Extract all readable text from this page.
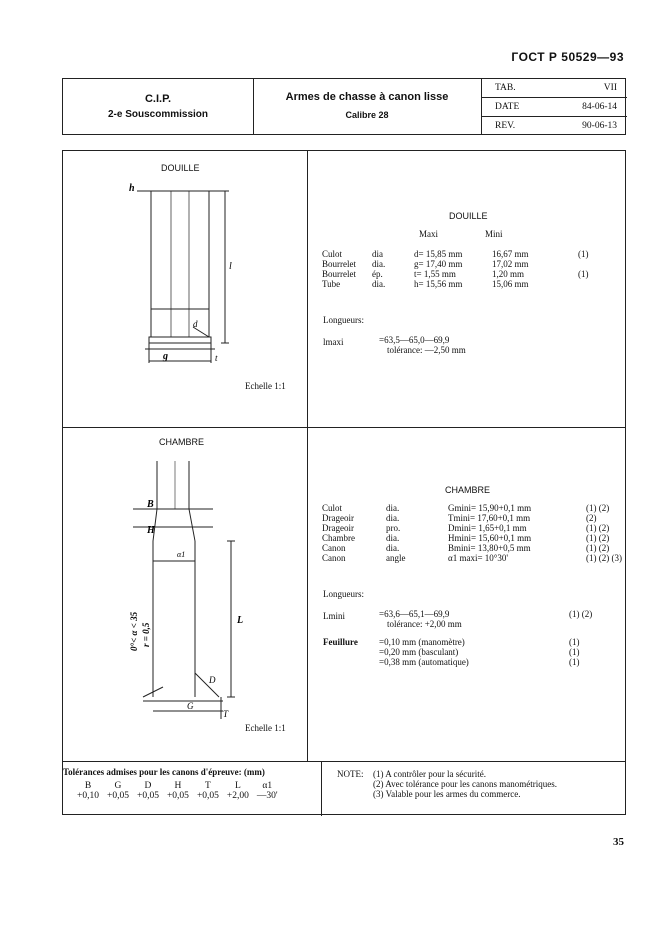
ГОСТ Р 50529—93
C.I.P.
2-e Souscommission
Armes de chasse à canon lisse
Calibre 28
TAB.	VII
DATE	84-06-14
REV.	90-06-13
DOUILLE
h
l
d
g	t
Echelle 1:1
DOUILLE
Maxi	Mini
Culot	dia	d= 15,85 mm	16,67 mm	(1)
Bourrelet	dia.	g= 17,40 mm	17,02 mm	
Bourrelet	ép.	t= 1,55 mm	1,20 mm	(1)
Tube	dia.	h= 15,56 mm	15,06 mm	
Longueurs:
lmaxi	=63,5—65,0—69,9
tolérance: —2,50 mm
CHAMBRE
B
H
α1
L
D
G
T
0°< α < 35 r = 0,5
Echelle 1:1
CHAMBRE
Culot	dia.	Gmini= 15,90+0,1 mm	(1) (2)
Drageoir	dia.	Tmini= 17,60+0,1 mm	(2)
Drageoir	pro.	Dmini= 1,65+0,1 mm	(1) (2)
Chambre	dia.	Hmini= 15,60+0,1 mm	(1) (2)
Canon	dia.	Bmini= 13,80+0,5 mm	(1) (2)
Canon	angle	α1 maxi= 10°30'	(1) (2) (3)
Longueurs:
Lmini	=63,6—65,1—69,9	(1) (2)
tolérance: +2,00 mm
Feuillure =0,10 mm (manomètre)	(1)
=0,20 mm (basculant)	(1)
=0,38 mm (automatique)	(1)
Tolérances admises pour les canons d'épreuve: (mm)
B	G	D	H	T	L	α1
+0,10	+0,05	+0,05	+0,05	+0,05	+2,00	—30'
NOTE: (1) A contrôler pour la sécurité.
(2) Avec tolérance pour les canons manométriques.
(3) Valable pour les armes du commerce.
35
